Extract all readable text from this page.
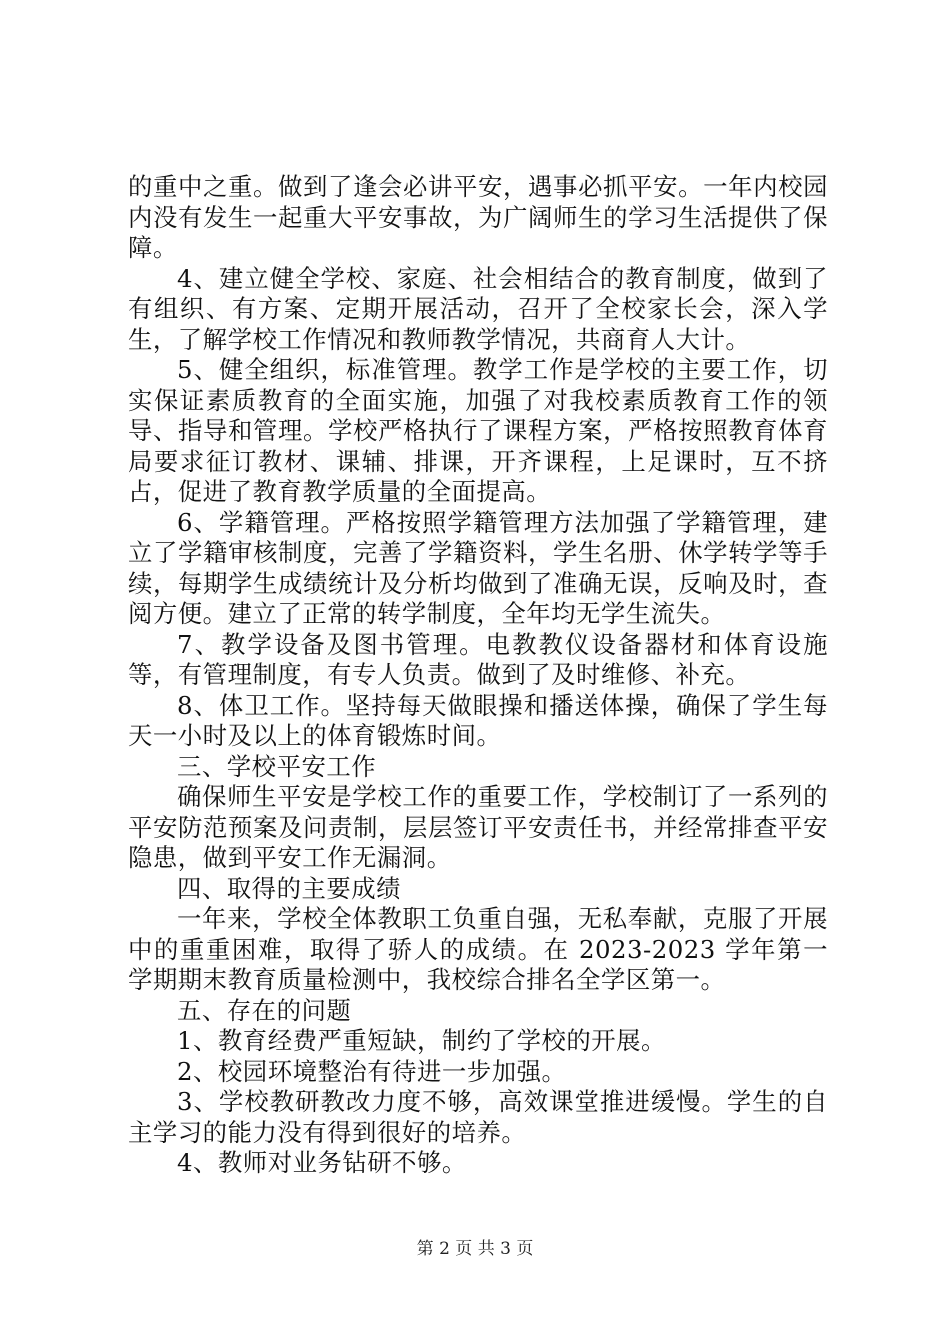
的重中之重。做到了逢会必讲平安，遇事必抓平安。一年内校园内没有发生一起重大平安事故，为广阔师生的学习生活提供了保障。

4、建立健全学校、家庭、社会相结合的教育制度，做到了有组织、有方案、定期开展活动，召开了全校家长会，深入学生，了解学校工作情况和教师教学情况，共商育人大计。

5、健全组织，标准管理。教学工作是学校的主要工作，切实保证素质教育的全面实施，加强了对我校素质教育工作的领导、指导和管理。学校严格执行了课程方案，严格按照教育体育局要求征订教材、课辅、排课，开齐课程，上足课时，互不挤占，促进了教育教学质量的全面提高。

6、学籍管理。严格按照学籍管理方法加强了学籍管理，建立了学籍审核制度，完善了学籍资料，学生名册、休学转学等手续，每期学生成绩统计及分析均做到了准确无误，反响及时，查阅方便。建立了正常的转学制度，全年均无学生流失。

7、教学设备及图书管理。电教教仪设备器材和体育设施等，有管理制度，有专人负责。做到了及时维修、补充。

8、体卫工作。坚持每天做眼操和播送体操，确保了学生每天一小时及以上的体育锻炼时间。

三、学校平安工作

确保师生平安是学校工作的重要工作，学校制订了一系列的平安防范预案及问责制，层层签订平安责任书，并经常排查平安隐患，做到平安工作无漏洞。

四、取得的主要成绩

一年来，学校全体教职工负重自强，无私奉献，克服了开展中的重重困难，取得了骄人的成绩。在 2023-2023 学年第一学期期末教育质量检测中，我校综合排名全学区第一。

五、存在的问题

1、教育经费严重短缺，制约了学校的开展。

2、校园环境整治有待进一步加强。

3、学校教研教改力度不够，高效课堂推进缓慢。学生的自主学习的能力没有得到很好的培养。

4、教师对业务钻研不够。

第 2 页 共 3 页
